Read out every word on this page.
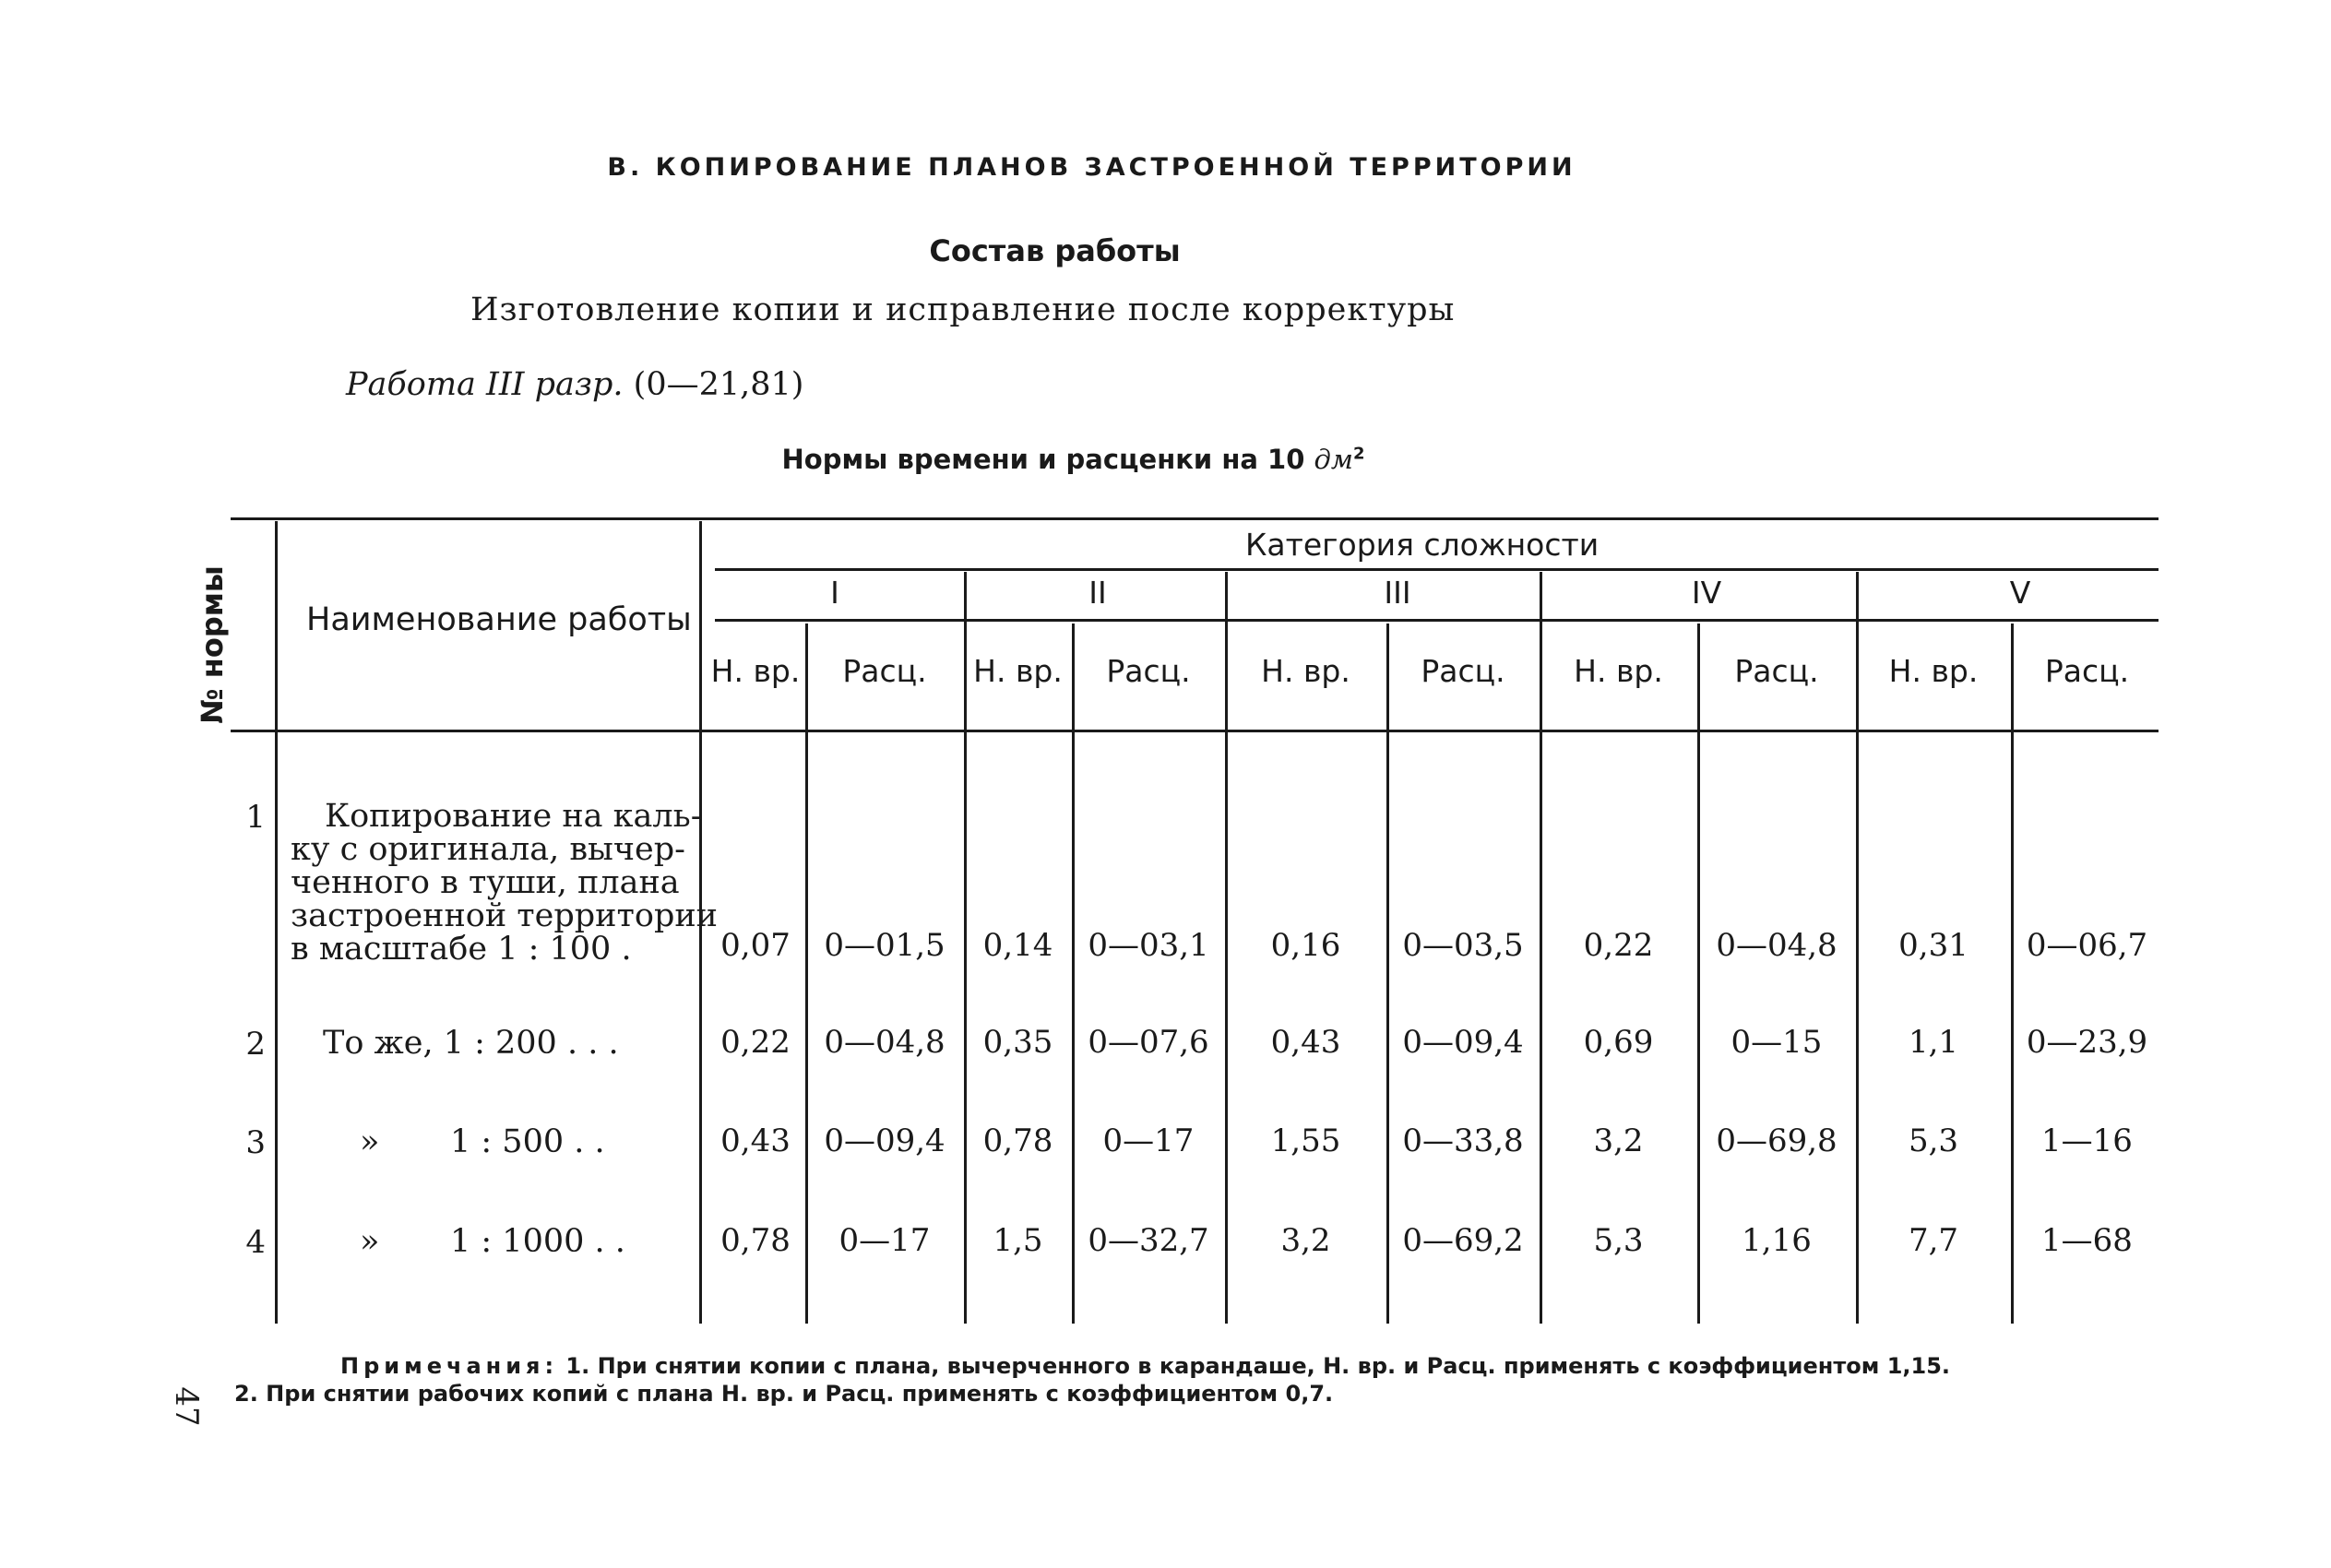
В. КОПИРОВАНИЕ ПЛАНОВ ЗАСТРОЕННОЙ ТЕРРИТОРИИ
Состав работы
Изготовление копии и исправление после корректуры
Работа III разр. (0—21,81)
Нормы времени и расценки на 10 $дм^2$
№ нормы Наименование работы
Категория сложности
I	II	III	IV	V
Н. вр.	Расц.	Н. вр.	Расц.	Н. вр.	Расц.	Н. вр.	Расц.	Н. вр.	Расц.
1 Копирование на каль-
ку с оригинала, вычер-
ченного в туши, плана
застроенной территории
в масштабе 1 : 100 .	0,07	0—01,5	0,14	0—03,1	0,16	0—03,5	0,22	0—04,8	0,31	0—06,7
2 То же, 1 : 200 . . .	0,22	0—04,8	0,35	0—07,6	0,43	0—09,4	0,69	0—15	1,1	0—23,9
3	» 1 : 500 . .	0,43	0—09,4	0,78	0—17	1,55	0—33,8	3,2	0—69,8	5,3	1—16
4	» 1 : 1000 . .	0,78	0—17	1,5	0—32,7	3,2	0—69,2	5,3	1,16	7,7	1—68
Примечания: 1. При снятии копии с плана, вычерченного в карандаше, Н. вр. и Расц. применять с коэффициентом 1,15.
2. При снятии рабочих копий с плана Н. вр. и Расц. применять с коэффициентом 0,7.
47
